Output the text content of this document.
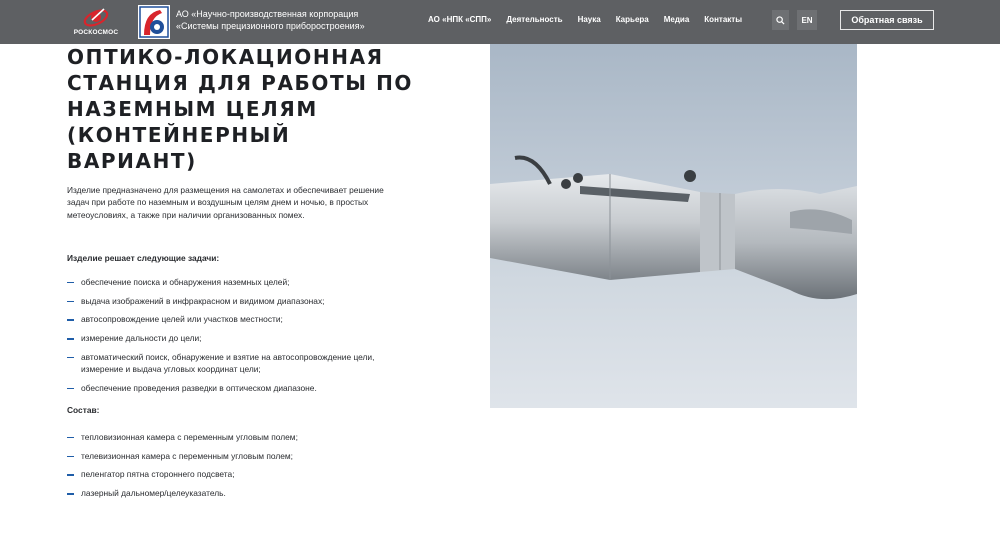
РОСКОСМОС
АО «Научно-производственная корпорация
«Системы прецизионного приборостроения»
АО «НПК «СПП» Деятельность Наука Карьера Медиа Контакты	EN	Обратная связь
ОПТИКО-ЛОКАЦИОННАЯ СТАНЦИЯ ДЛЯ РАБОТЫ ПО НАЗЕМНЫМ ЦЕЛЯМ (КОНТЕЙНЕРНЫЙ ВАРИАНТ)

Изделие предназначено для размещения на самолетах и обеспечивает решение задач при работе по наземным и воздушным целям днем и ночью, в простых метеоусловиях, а также при наличии организованных помех.

Изделие решает следующие задачи:

обеспечение поиска и обнаружения наземных целей;
выдача изображений в инфракрасном и видимом диапазонах;
автосопровождение целей или участков местности;
измерение дальности до цели;
автоматический поиск, обнаружение и взятие на автосопровождение цели, измерение и выдача угловых координат цели;
обеспечение проведения разведки в оптическом диапазоне.

Состав:

тепловизионная камера с переменным угловым полем;
телевизионная камера с переменным угловым полем;
пеленгатор пятна стороннего подсвета;
лазерный дальномер/целеуказатель.
